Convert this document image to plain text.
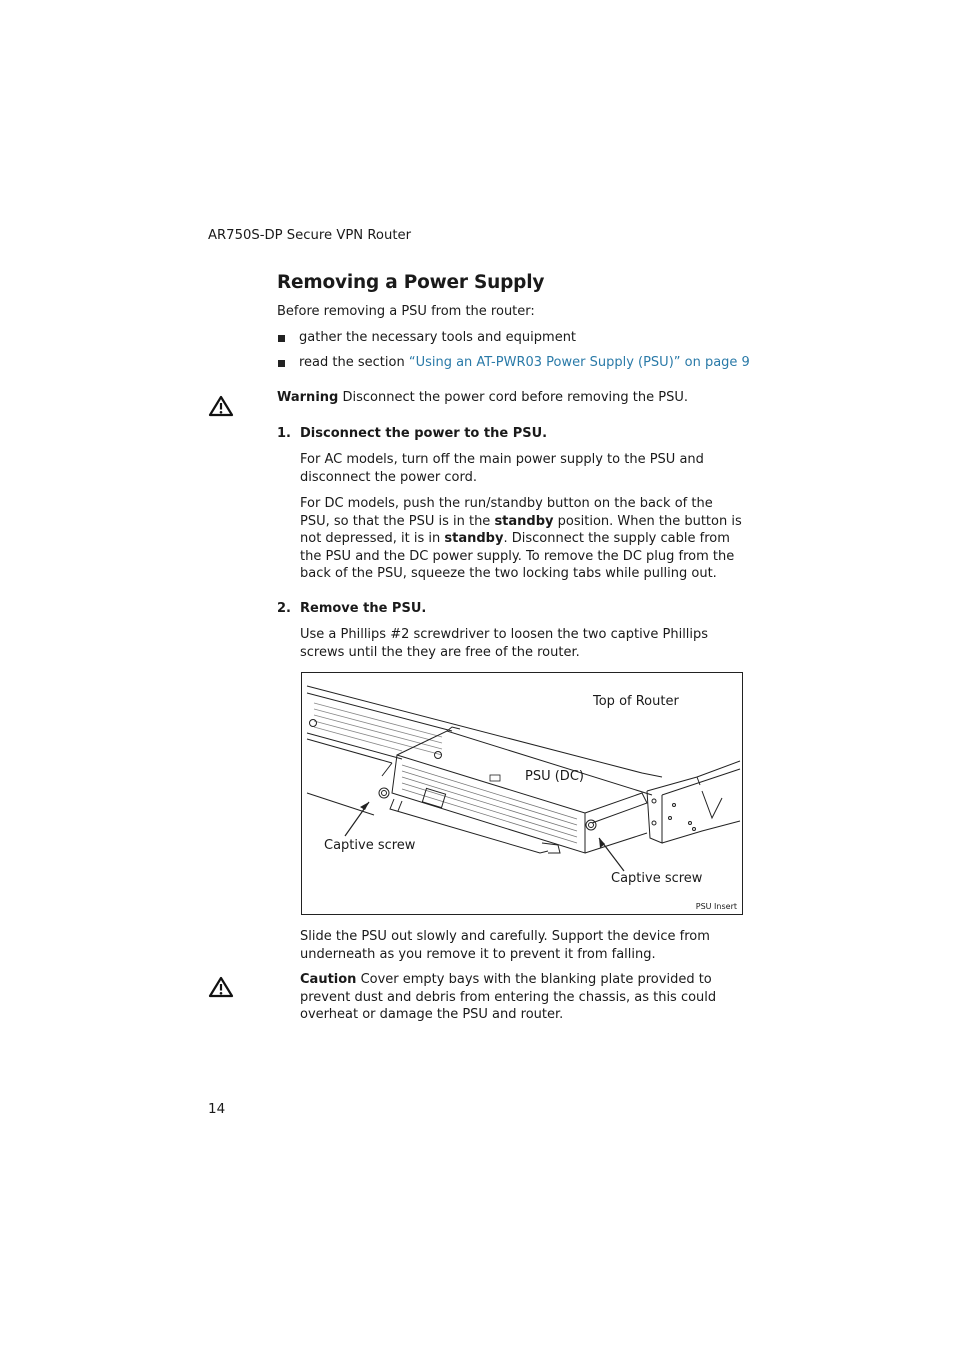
AR750S-DP Secure VPN Router
Removing a Power Supply
Before removing a PSU from the router:
gather the necessary tools and equipment
read the section “Using an AT-PWR03 Power Supply (PSU)” on page 9
Warning Disconnect the power cord before removing the PSU.
1. Disconnect the power to the PSU.
For AC models, turn off the main power supply to the PSU and disconnect the power cord.
For DC models, push the run/standby button on the back of the PSU, so that the PSU is in the standby position. When the button is not depressed, it is in standby. Disconnect the supply cable from the PSU and the DC power supply. To remove the DC plug from the back of the PSU, squeeze the two locking tabs while pulling out.
2. Remove the PSU.
Use a Phillips #2 screwdriver to loosen the two captive Phillips screws until the they are free of the router.
Top of Router
PSU (DC)
Captive screw
Captive screw
PSU Insert
Slide the PSU out slowly and carefully. Support the device from underneath as you remove it to prevent it from falling.
Caution Cover empty bays with the blanking plate provided to prevent dust and debris from entering the chassis, as this could overheat or damage the PSU and router.
14
